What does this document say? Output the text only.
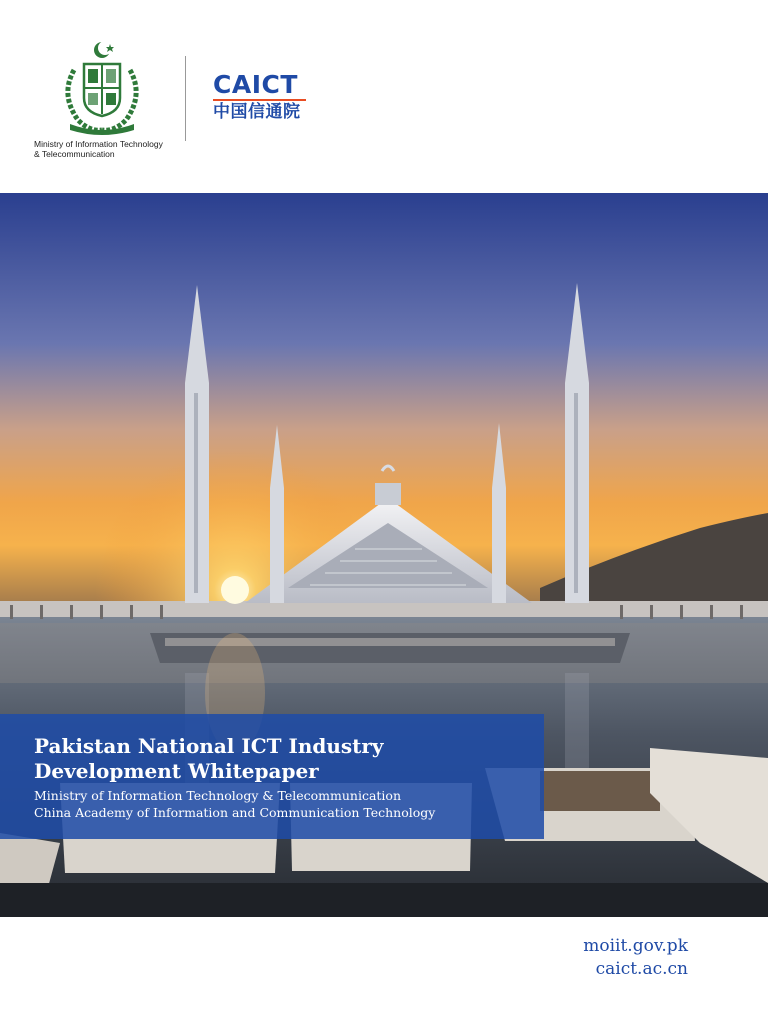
Ministry of Information Technology
& Telecommunication
CAICT
中国信通院
Pakistan National ICT Industry Development Whitepaper
Ministry of Information Technology & Telecommunication
China Academy of Information and Communication Technology
moiit.gov.pk
caict.ac.cn
